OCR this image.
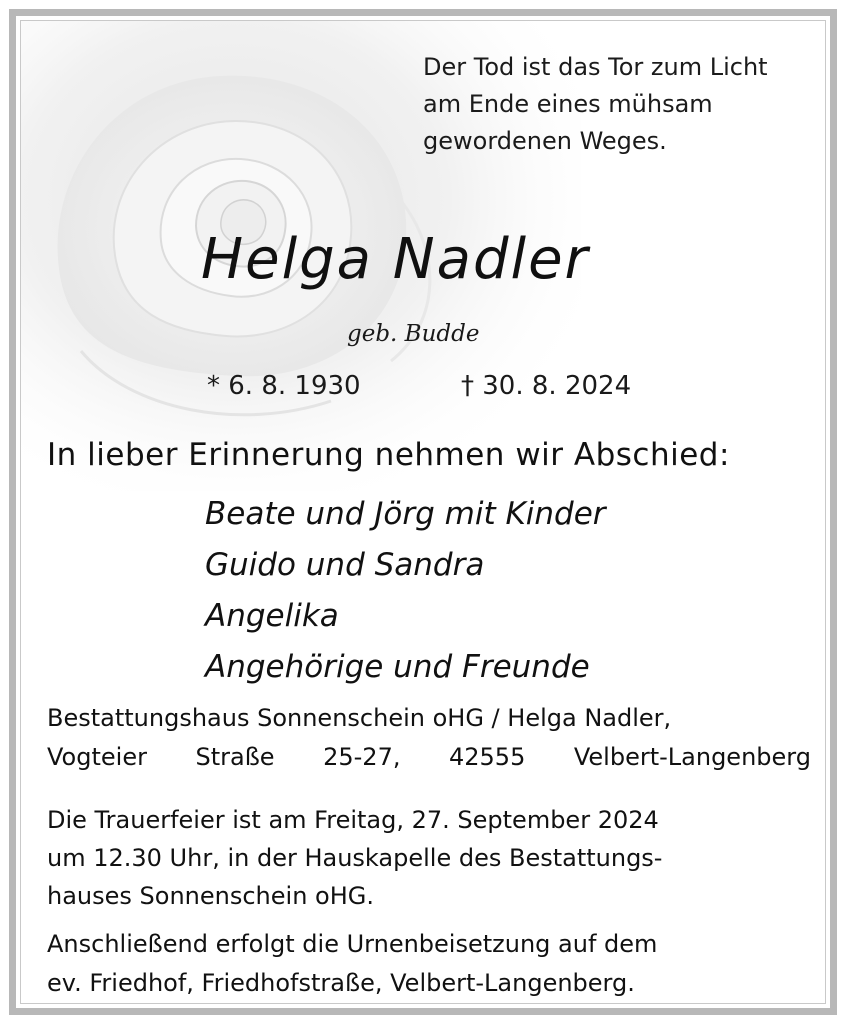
Der Tod ist das Tor zum Licht
am Ende eines mühsam
gewordenen Weges.
Helga Nadler
geb. Budde
* 6. 8. 1930	† 30. 8. 2024
In lieber Erinnerung nehmen wir Abschied:
Beate und Jörg mit Kinder
Guido und Sandra
Angelika
Angehörige und Freunde
Bestattungshaus Sonnenschein oHG / Helga Nadler,
Vogteier Straße 25-27, 42555 Velbert-Langenberg
Die Trauerfeier ist am Freitag, 27. September 2024
um 12.30 Uhr, in der Hauskapelle des Bestattungs-
hauses Sonnenschein oHG.
Anschließend erfolgt die Urnenbeisetzung auf dem
ev. Friedhof, Friedhofstraße, Velbert-Langenberg.
